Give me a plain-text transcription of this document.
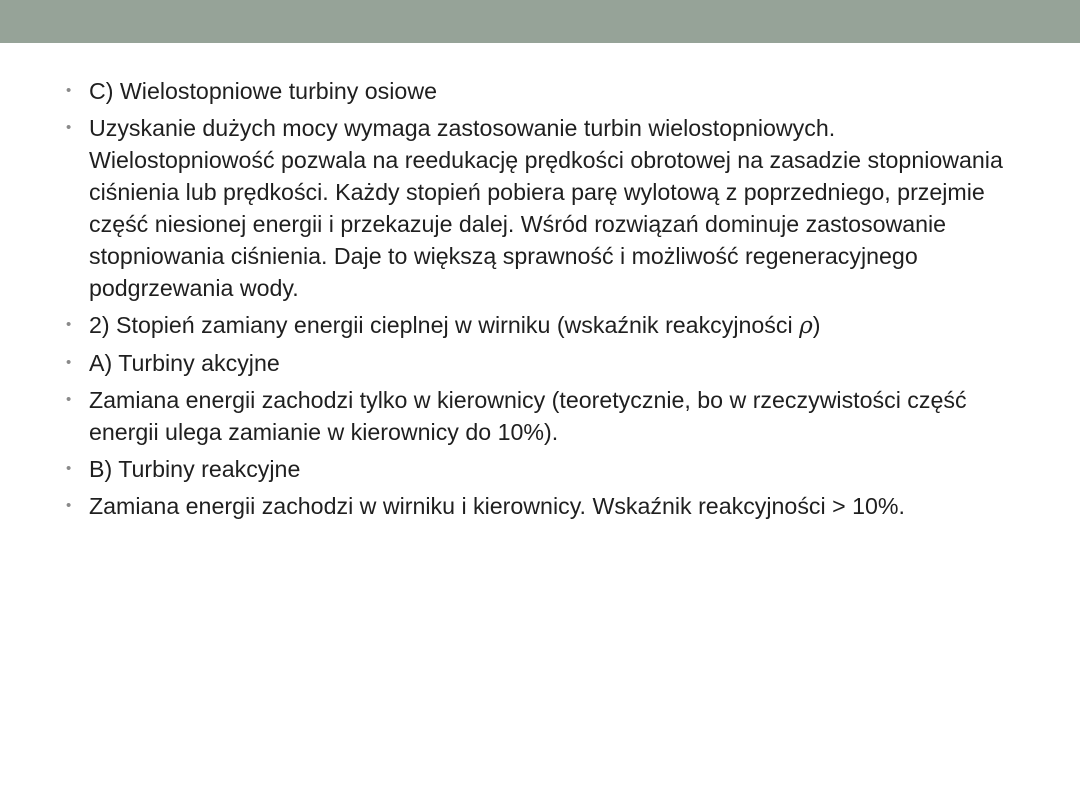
• C) Wielostopniowe turbiny osiowe
• Uzyskanie dużych mocy wymaga zastosowanie turbin wielostopniowych. Wielostopniowość pozwala na reedukację prędkości obrotowej na zasadzie stopniowania ciśnienia lub prędkości. Każdy stopień pobiera parę wylotową z poprzedniego, przejmie część niesionej energii i przekazuje dalej. Wśród rozwiązań dominuje zastosowanie stopniowania ciśnienia. Daje to większą sprawność i możliwość regeneracyjnego podgrzewania wody.
• 2) Stopień zamiany energii cieplnej w wirniku (wskaźnik reakcyjności ρ)
• A) Turbiny akcyjne
• Zamiana energii zachodzi tylko w kierownicy (teoretycznie, bo w rzeczywistości część energii ulega zamianie w kierownicy do 10%).
• B) Turbiny reakcyjne
• Zamiana energii zachodzi w wirniku i kierownicy. Wskaźnik reakcyjności > 10%.
